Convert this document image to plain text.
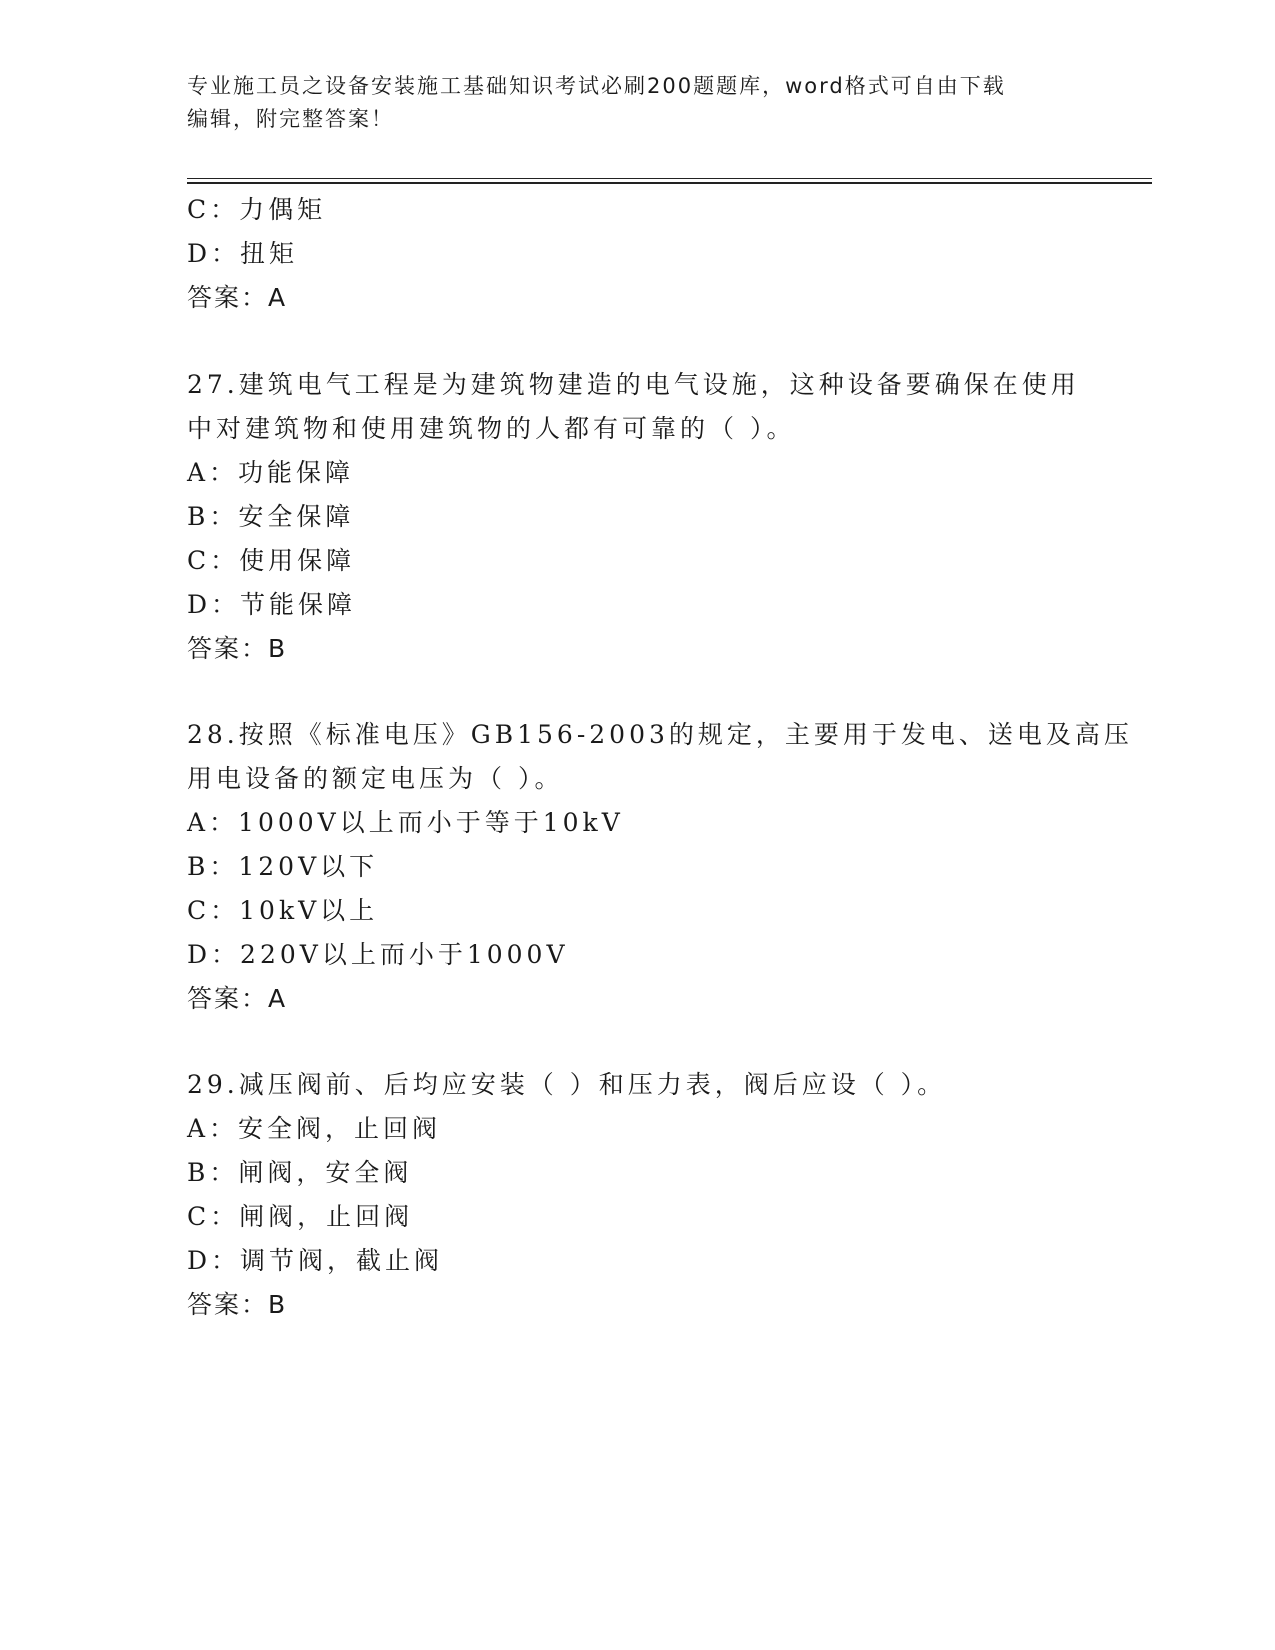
专业施工员之设备安装施工基础知识考试必刷200题题库，word格式可自由下载
编辑，附完整答案！
C：力偶矩
D：扭矩
答案：A
27.建筑电气工程是为建筑物建造的电气设施，这种设备要确保在使用
中对建筑物和使用建筑物的人都有可靠的（ ）。
A：功能保障
B：安全保障
C：使用保障
D：节能保障
答案：B
28.按照《标准电压》GB156-2003的规定，主要用于发电、送电及高压
用电设备的额定电压为（ ）。
A：1000V以上而小于等于10kV
B：120V以下
C：10kV以上
D：220V以上而小于1000V
答案：A
29.减压阀前、后均应安装（ ）和压力表，阀后应设（ ）。
A：安全阀，止回阀
B：闸阀，安全阀
C：闸阀，止回阀
D：调节阀，截止阀
答案：B
